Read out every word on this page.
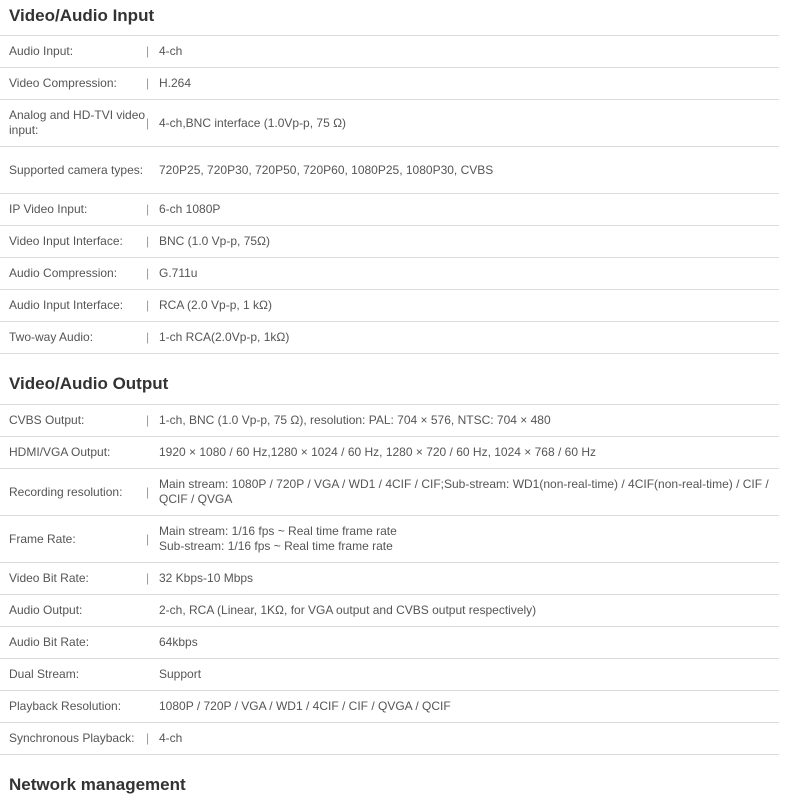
Video/Audio Input
Audio Input:	|	4-ch
Video Compression:	|	H.264
Analog and HD-TVI video input:	|	4-ch,BNC interface (1.0Vp-p, 75 Ω)
Supported camera types:		720P25, 720P30, 720P50, 720P60, 1080P25, 1080P30, CVBS
IP Video Input:	|	6-ch 1080P
Video Input Interface:	|	BNC (1.0 Vp-p, 75Ω)
Audio Compression:	|	G.711u
Audio Input Interface:	|	RCA (2.0 Vp-p, 1 kΩ)
Two-way Audio:	|	1-ch RCA(2.0Vp-p, 1kΩ)
Video/Audio Output
CVBS Output:	|	1-ch, BNC (1.0 Vp-p, 75 Ω), resolution: PAL: 704 × 576, NTSC: 704 × 480
HDMI/VGA Output:		1920 × 1080 / 60 Hz,1280 × 1024 / 60 Hz, 1280 × 720 / 60 Hz, 1024 × 768 / 60 Hz
Recording resolution:	|	Main stream: 1080P / 720P / VGA / WD1 / 4CIF / CIF;Sub-stream: WD1(non-real-time) / 4CIF(non-real-time) / CIF / QCIF / QVGA
Frame Rate:	|	Main stream: 1/16 fps ~ Real time frame rate
Sub-stream: 1/16 fps ~ Real time frame rate

Video Bit Rate:	|	32 Kbps-10 Mbps
Audio Output:		2-ch, RCA (Linear, 1KΩ, for VGA output and CVBS output respectively)
Audio Bit Rate:		64kbps
Dual Stream:		Support
Playback Resolution:		1080P / 720P / VGA / WD1 / 4CIF / CIF / QVGA / QCIF
Synchronous Playback:	|	4-ch
Network management
